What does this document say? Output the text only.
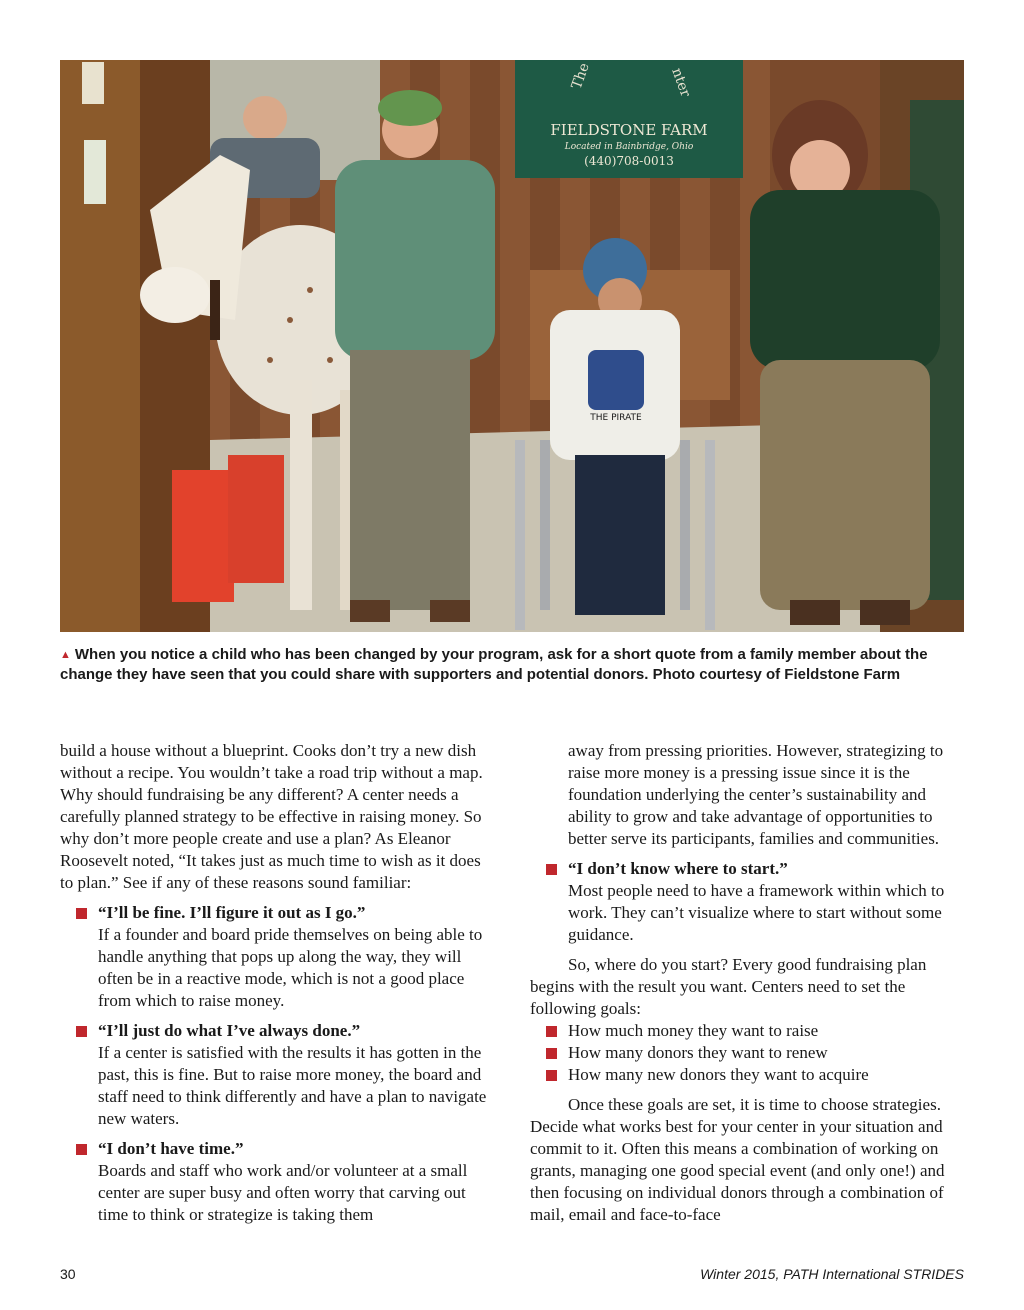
The	nter
FIELDSTONE FARM
Located in Bainbridge, Ohio
(440)708-0013
THE PIRATE
▲ When you notice a child who has been changed by your program, ask for a short quote from a family member about the change they have seen that you could share with supporters and potential donors. Photo courtesy of Fieldstone Farm

build a house without a blueprint. Cooks don’t try a new dish without a recipe. You wouldn’t take a road trip without a map. Why should fundraising be any different? A center needs a carefully planned strategy to be effective in raising money. So why don’t more people create and use a plan? As Eleanor Roosevelt noted, “It takes just as much time to wish as it does to plan.” See if any of these reasons sound familiar:

“I’ll be fine. I’ll figure it out as I go.”
If a founder and board pride themselves on being able to handle anything that pops up along the way, they will often be in a reactive mode, which is not a good place from which to raise money.
“I’ll just do what I’ve always done.”
If a center is satisfied with the results it has gotten in the past, this is fine. But to raise more money, the board and staff need to think differently and have a plan to navigate new waters.
“I don’t have time.”
Boards and staff who work and/or volunteer at a small center are super busy and often worry that carving out time to think or strategize is taking them

away from pressing priorities. However, strategizing to raise more money is a pressing issue since it is the foundation underlying the center’s sustainability and ability to grow and take advantage of opportunities to better serve its participants, families and communities.

“I don’t know where to start.”
Most people need to have a framework within which to work. They can’t visualize where to start without some guidance.

So, where do you start? Every good fundraising plan begins with the result you want. Centers need to set the following goals:

How much money they want to raise
How many donors they want to renew
How many new donors they want to acquire

Once these goals are set, it is time to choose strategies. Decide what works best for your center in your situation and commit to it. Often this means a combination of working on grants, managing one good special event (and only one!) and then focusing on individual donors through a combination of mail, email and face-to-face

30	Winter 2015, PATH International STRIDES
